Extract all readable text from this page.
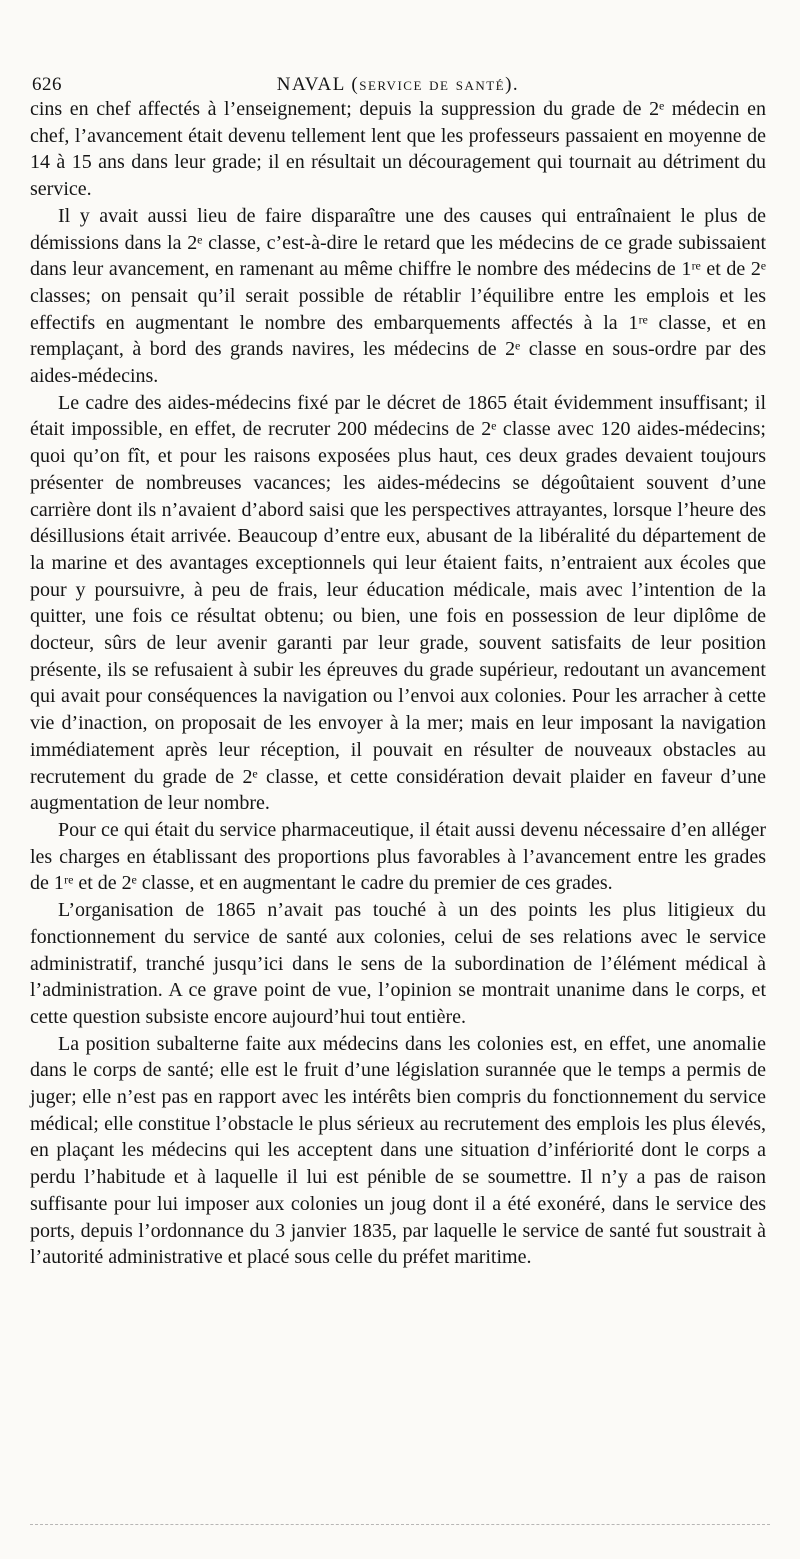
626	NAVAL (service de santé).

cins en chef affectés à l’enseignement; depuis la suppression du grade de 2ᵉ médecin en chef, l’avancement était devenu tellement lent que les professeurs passaient en moyenne de 14 à 15 ans dans leur grade; il en résultait un découragement qui tournait au détriment du service.

Il y avait aussi lieu de faire disparaître une des causes qui entraînaient le plus de démissions dans la 2ᵉ classe, c’est-à-dire le retard que les médecins de ce grade subissaient dans leur avancement, en ramenant au même chiffre le nombre des médecins de 1ʳᵉ et de 2ᵉ classes; on pensait qu’il serait possible de rétablir l’équilibre entre les emplois et les effectifs en augmentant le nombre des embarquements affectés à la 1ʳᵉ classe, et en remplaçant, à bord des grands navires, les médecins de 2ᵉ classe en sous-ordre par des aides-médecins.

Le cadre des aides-médecins fixé par le décret de 1865 était évidemment insuffisant; il était impossible, en effet, de recruter 200 médecins de 2ᵉ classe avec 120 aides-médecins; quoi qu’on fît, et pour les raisons exposées plus haut, ces deux grades devaient toujours présenter de nombreuses vacances; les aides-médecins se dégoûtaient souvent d’une carrière dont ils n’avaient d’abord saisi que les perspectives attrayantes, lorsque l’heure des désillusions était arrivée. Beaucoup d’entre eux, abusant de la libéralité du département de la marine et des avantages exceptionnels qui leur étaient faits, n’entraient aux écoles que pour y poursuivre, à peu de frais, leur éducation médicale, mais avec l’intention de la quitter, une fois ce résultat obtenu; ou bien, une fois en possession de leur diplôme de docteur, sûrs de leur avenir garanti par leur grade, souvent satisfaits de leur position présente, ils se refusaient à subir les épreuves du grade supérieur, redoutant un avancement qui avait pour conséquences la navigation ou l’envoi aux colonies. Pour les arracher à cette vie d’inaction, on proposait de les envoyer à la mer; mais en leur imposant la navigation immédiatement après leur réception, il pouvait en résulter de nouveaux obstacles au recrutement du grade de 2ᵉ classe, et cette considération devait plaider en faveur d’une augmentation de leur nombre.

Pour ce qui était du service pharmaceutique, il était aussi devenu nécessaire d’en alléger les charges en établissant des proportions plus favorables à l’avancement entre les grades de 1ʳᵉ et de 2ᵉ classe, et en augmentant le cadre du premier de ces grades.

L’organisation de 1865 n’avait pas touché à un des points les plus litigieux du fonctionnement du service de santé aux colonies, celui de ses relations avec le service administratif, tranché jusqu’ici dans le sens de la subordination de l’élément médical à l’administration. A ce grave point de vue, l’opinion se montrait unanime dans le corps, et cette question subsiste encore aujourd’hui tout entière.

La position subalterne faite aux médecins dans les colonies est, en effet, une anomalie dans le corps de santé; elle est le fruit d’une législation surannée que le temps a permis de juger; elle n’est pas en rapport avec les intérêts bien compris du fonctionnement du service médical; elle constitue l’obstacle le plus sérieux au recrutement des emplois les plus élevés, en plaçant les médecins qui les acceptent dans une situation d’infériorité dont le corps a perdu l’habitude et à laquelle il lui est pénible de se soumettre. Il n’y a pas de raison suffisante pour lui imposer aux colonies un joug dont il a été exonéré, dans le service des ports, depuis l’ordonnance du 3 janvier 1835, par laquelle le service de santé fut soustrait à l’autorité administrative et placé sous celle du préfet maritime.
